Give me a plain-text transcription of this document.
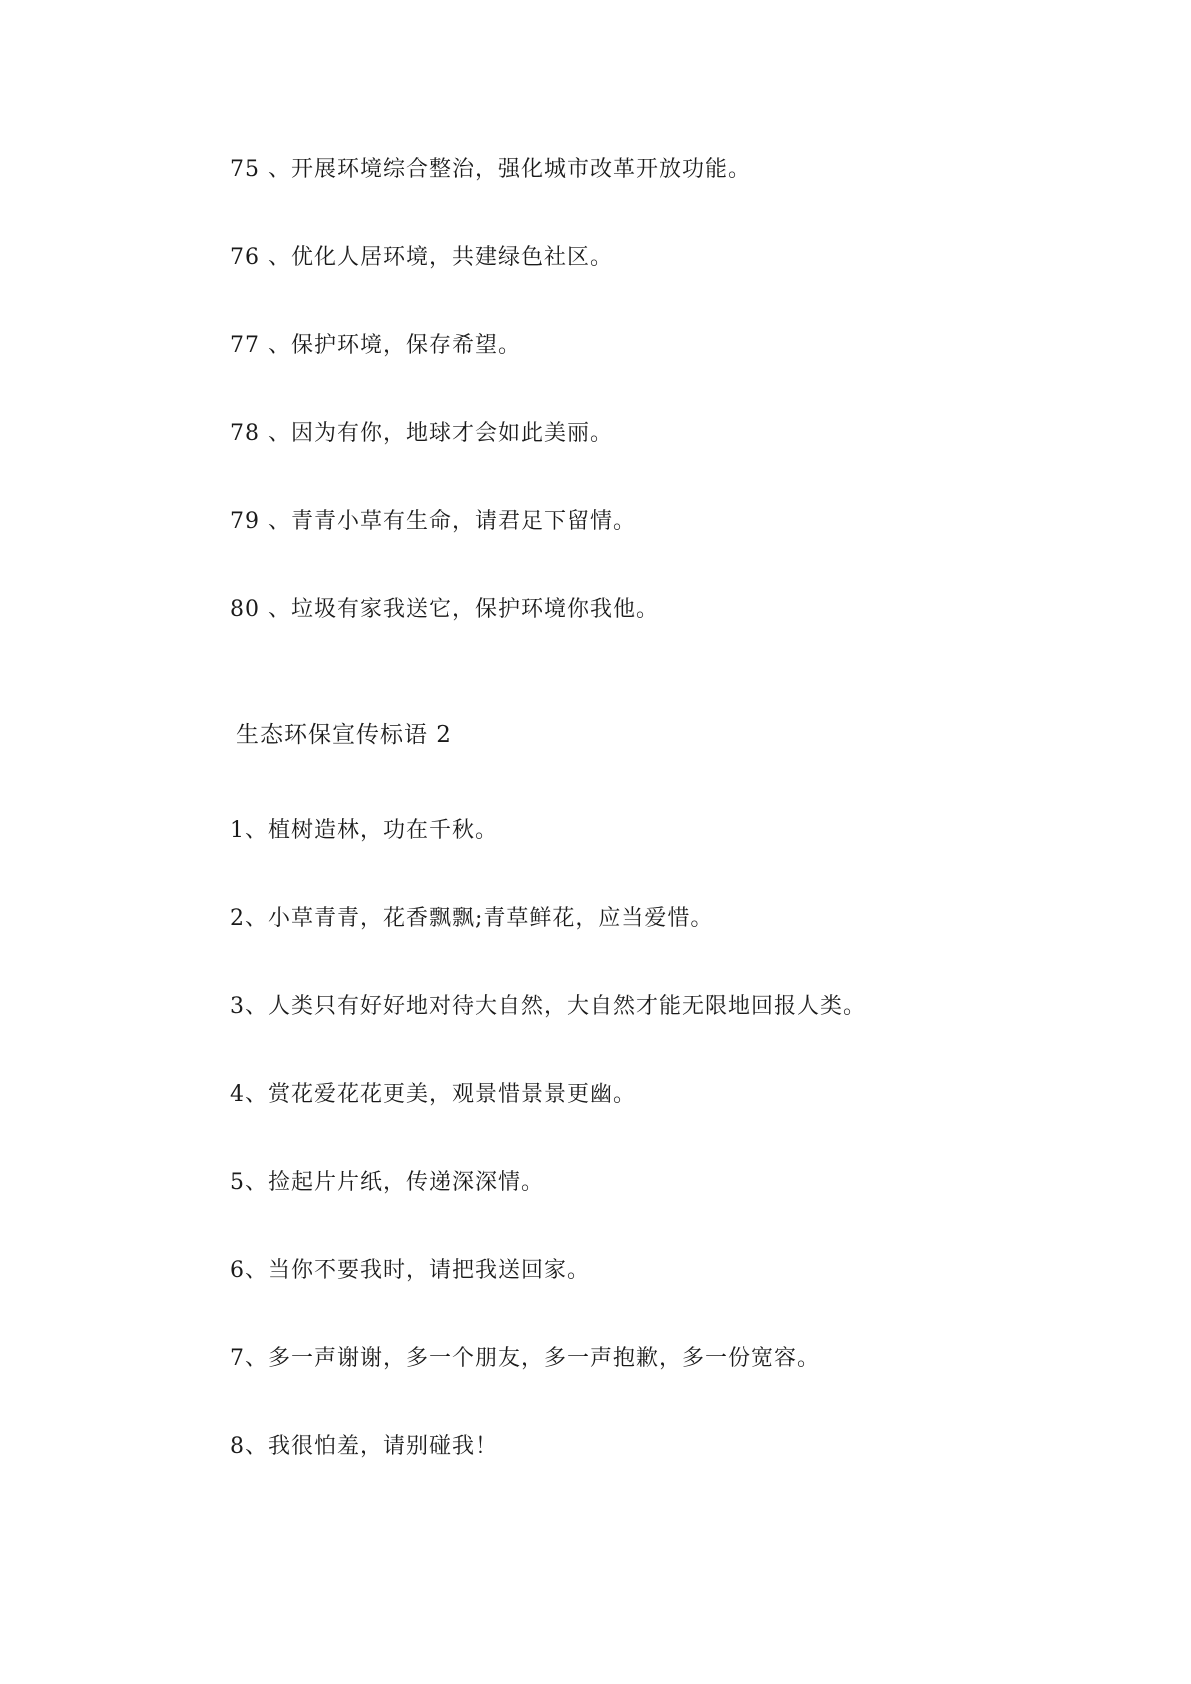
75 、开展环境综合整治，强化城市改革开放功能。
76 、优化人居环境，共建绿色社区。
77 、保护环境，保存希望。
78 、因为有你，地球才会如此美丽。
79 、青青小草有生命，请君足下留情。
80 、垃圾有家我送它，保护环境你我他。
生态环保宣传标语 2
1、植树造林，功在千秋。
2、小草青青，花香飘飘;青草鲜花，应当爱惜。
3、人类只有好好地对待大自然，大自然才能无限地回报人类。
4、赏花爱花花更美，观景惜景景更幽。
5、捡起片片纸，传递深深情。
6、当你不要我时，请把我送回家。
7、多一声谢谢，多一个朋友，多一声抱歉，多一份宽容。
8、我很怕羞，请别碰我！
